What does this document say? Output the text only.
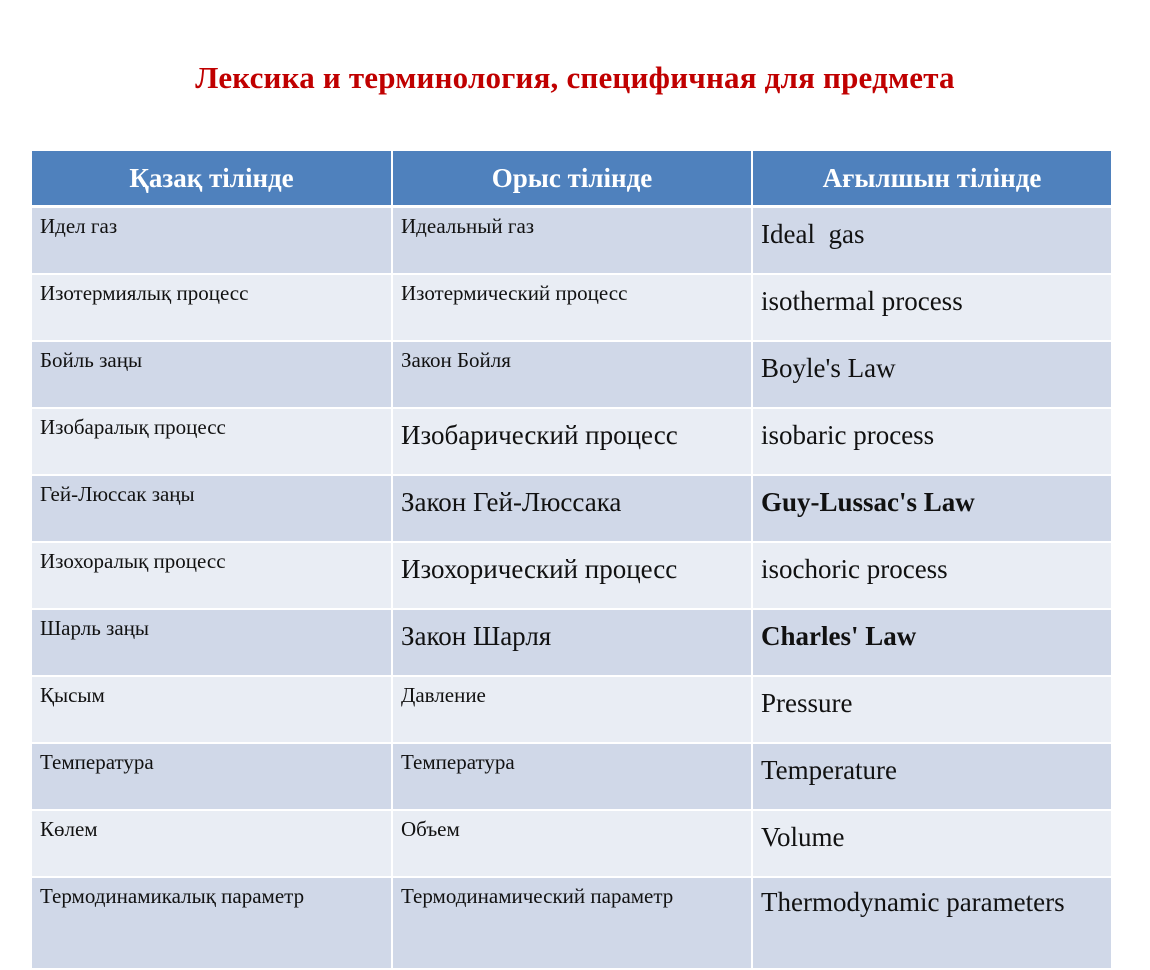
Лексика и терминология, специфичная для предмета
Қазақ тілінде	Орыс тілінде	Ағылшын тілінде
Идел газ	Идеальный газ	Ideal  gas
Изотермиялық процесс	Изотермический процесс	isothermal process
Бойль заңы	Закон Бойля	Boyle's Law
Изобаралық процесс	Изобарический процесс	isobaric process
Гей-Люссак заңы	Закон Гей-Люссака	Guy-Lussac's Law
Изохоралық процесс	Изохорический процесс	isochoric process
Шарль заңы	Закон Шарля	Charles' Law
Қысым	Давление	Pressure
Температура	Температура	Temperature
Көлем	Объем	Volume
Термодинамикалық параметр	Термодинамический параметр	Thermodynamic parameters
